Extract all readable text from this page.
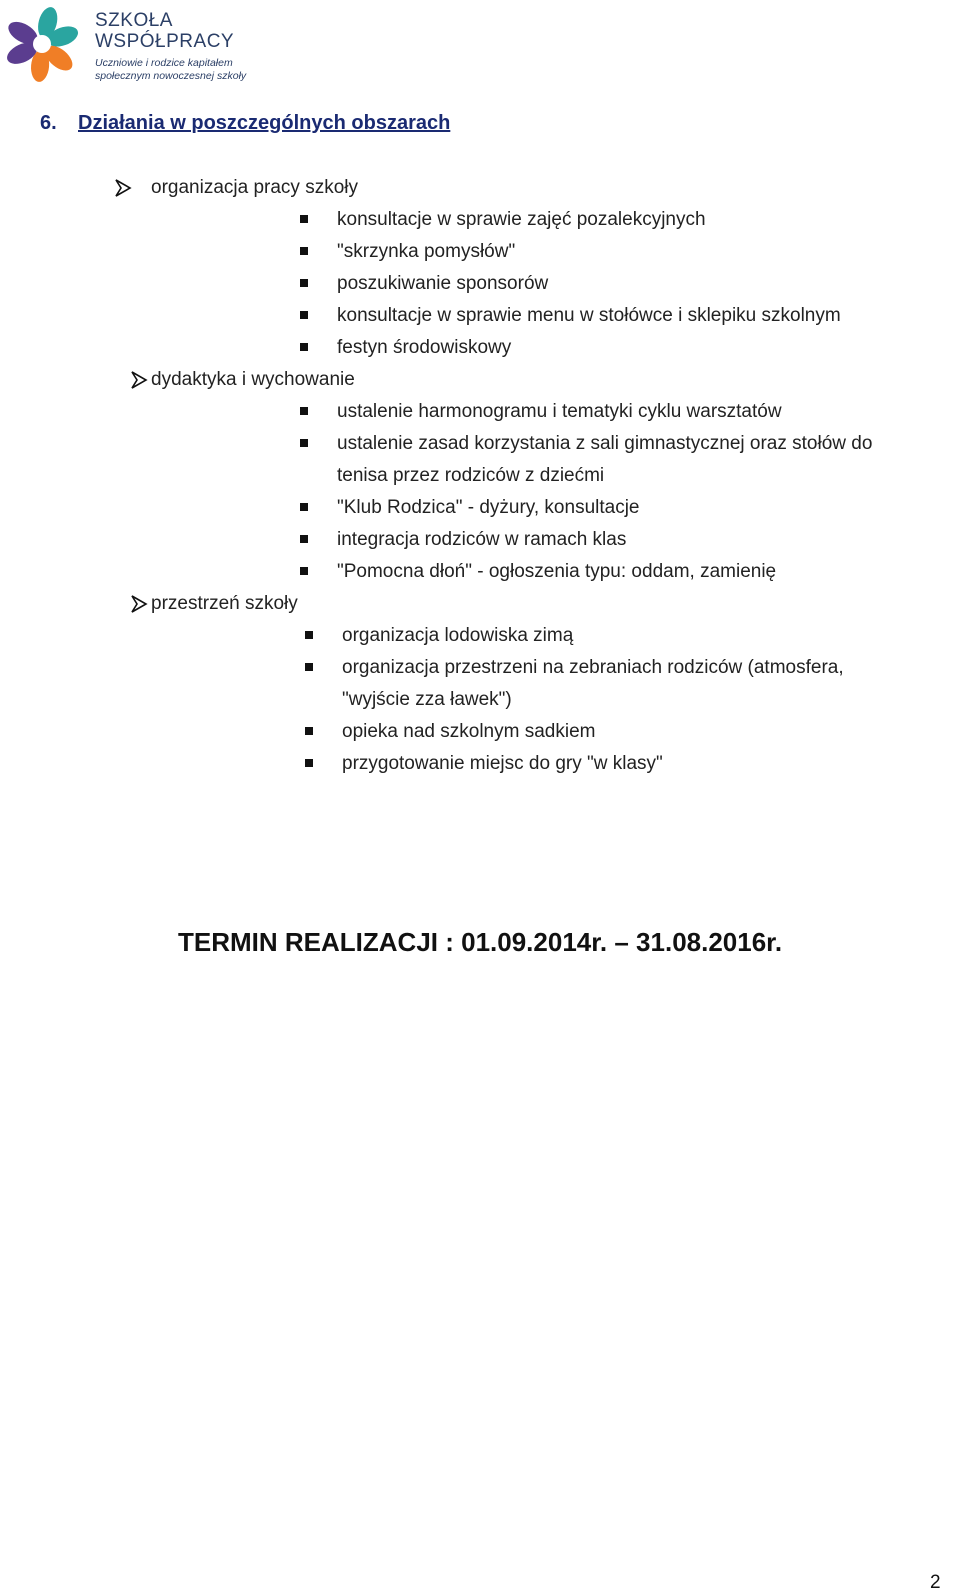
SZKOŁA
WSPÓŁPRACY
Uczniowie i rodzice kapitałem
społecznym nowoczesnej szkoły
6. Działania w poszczególnych obszarach
organizacja pracy szkoły
konsultacje w sprawie zajęć pozalekcyjnych
"skrzynka pomysłów"
poszukiwanie sponsorów
konsultacje w sprawie menu w stołówce i sklepiku szkolnym
festyn środowiskowy
dydaktyka i wychowanie
ustalenie harmonogramu i tematyki cyklu warsztatów
ustalenie zasad korzystania z sali gimnastycznej oraz stołów do
tenisa przez rodziców z dziećmi
"Klub Rodzica" - dyżury, konsultacje
integracja rodziców w ramach klas
"Pomocna dłoń" - ogłoszenia typu: oddam, zamienię
przestrzeń szkoły
organizacja lodowiska zimą
organizacja przestrzeni na zebraniach rodziców (atmosfera,
"wyjście zza ławek")
opieka nad szkolnym sadkiem
przygotowanie miejsc do gry "w klasy"
TERMIN REALIZACJI : 01.09.2014r. – 31.08.2016r.
2
